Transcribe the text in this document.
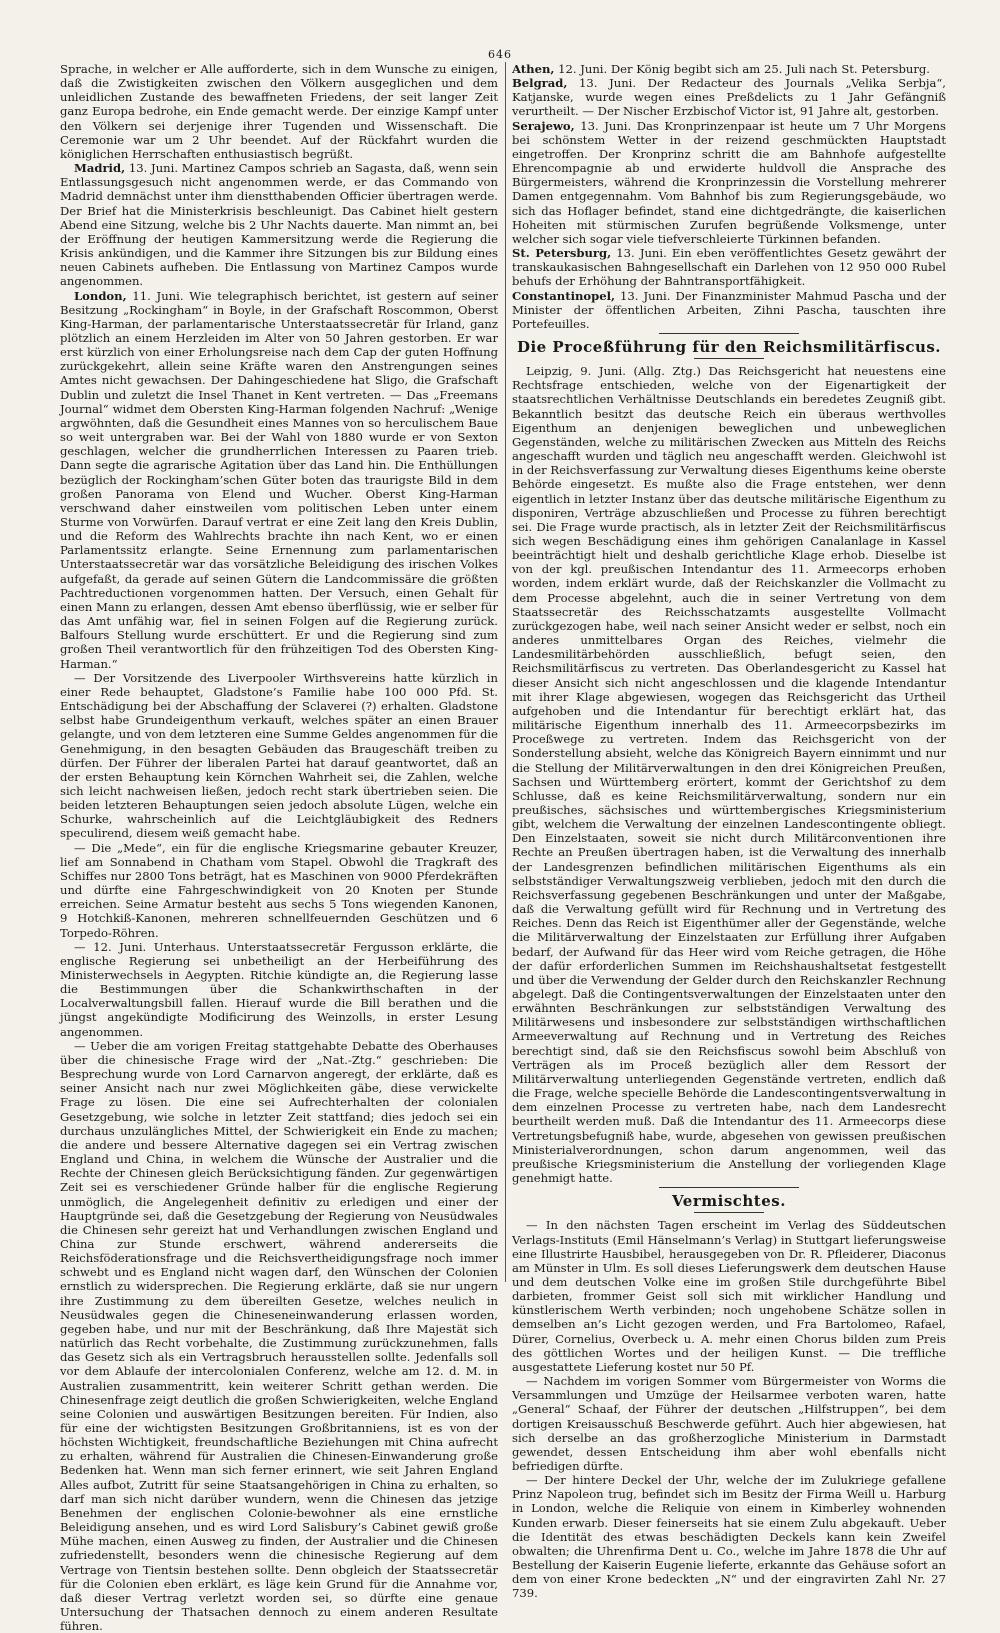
646

Sprache, in welcher er Alle aufforderte, sich in dem Wunsche zu einigen, daß die Zwistigkeiten zwischen den Völkern ausgeglichen und dem unleidlichen Zustande des bewaffneten Friedens, der seit langer Zeit ganz Europa bedrohe, ein Ende gemacht werde. Der einzige Kampf unter den Völkern sei derjenige ihrer Tugenden und Wissenschaft. Die Ceremonie war um 2 Uhr beendet. Auf der Rückfahrt wurden die königlichen Herrschaften enthusiastisch begrüßt.

Madrid, 13. Juni. Martinez Campos schrieb an Sagasta, daß, wenn sein Entlassungsgesuch nicht angenommen werde, er das Commando von Madrid demnächst unter ihm dienstthabenden Officier übertragen werde. Der Brief hat die Ministerkrisis beschleunigt. Das Cabinet hielt gestern Abend eine Sitzung, welche bis 2 Uhr Nachts dauerte. Man nimmt an, bei der Eröffnung der heutigen Kammersitzung werde die Regierung die Krisis ankündigen, und die Kammer ihre Sitzungen bis zur Bildung eines neuen Cabinets aufheben. Die Entlassung von Martinez Campos wurde angenommen.

London, 11. Juni. Wie telegraphisch berichtet, ist gestern auf seiner Besitzung „Rockingham“ in Boyle, in der Grafschaft Roscommon, Oberst King-Harman, der parlamentarische Unterstaatssecretär für Irland, ganz plötzlich an einem Herzleiden im Alter von 50 Jahren gestorben. Er war erst kürzlich von einer Erholungsreise nach dem Cap der guten Hoffnung zurückgekehrt, allein seine Kräfte waren den Anstrengungen seines Amtes nicht gewachsen. Der Dahingeschiedene hat Sligo, die Grafschaft Dublin und zuletzt die Insel Thanet in Kent vertreten. — Das „Freemans Journal“ widmet dem Obersten King-Harman folgenden Nachruf: „Wenige argwöhnten, daß die Gesundheit eines Mannes von so herculischem Baue so weit untergraben war. Bei der Wahl von 1880 wurde er von Sexton geschlagen, welcher die grundherrlichen Interessen zu Paaren trieb. Dann segte die agrarische Agitation über das Land hin. Die Enthüllungen bezüglich der Rockingham’schen Güter boten das traurigste Bild in dem großen Panorama von Elend und Wucher. Oberst King-Harman verschwand daher einstweilen vom politischen Leben unter einem Sturme von Vorwürfen. Darauf vertrat er eine Zeit lang den Kreis Dublin, und die Reform des Wahlrechts brachte ihn nach Kent, wo er einen Parlamentssitz erlangte. Seine Ernennung zum parlamentarischen Unterstaatssecretär war das vorsätzliche Beleidigung des irischen Volkes aufgefaßt, da gerade auf seinen Gütern die Landcommissäre die größten Pachtreductionen vorgenommen hatten. Der Versuch, einen Gehalt für einen Mann zu erlangen, dessen Amt ebenso überflüssig, wie er selber für das Amt unfähig war, fiel in seinen Folgen auf die Regierung zurück. Balfours Stellung wurde erschüttert. Er und die Regierung sind zum großen Theil verantwortlich für den frühzeitigen Tod des Obersten King-Harman.“

— Der Vorsitzende des Liverpooler Wirthsvereins hatte kürzlich in einer Rede behauptet, Gladstone’s Familie habe 100 000 Pfd. St. Entschädigung bei der Abschaffung der Sclaverei (?) erhalten. Gladstone selbst habe Grundeigenthum verkauft, welches später an einen Brauer gelangte, und von dem letzteren eine Summe Geldes angenommen für die Genehmigung, in den besagten Gebäuden das Braugeschäft treiben zu dürfen. Der Führer der liberalen Partei hat darauf geantwortet, daß an der ersten Behauptung kein Körnchen Wahrheit sei, die Zahlen, welche sich leicht nachweisen ließen, jedoch recht stark übertrieben seien. Die beiden letzteren Behauptungen seien jedoch absolute Lügen, welche ein Schurke, wahrscheinlich auf die Leichtgläubigkeit des Redners speculirend, diesem weiß gemacht habe.

— Die „Mede“, ein für die englische Kriegsmarine gebauter Kreuzer, lief am Sonnabend in Chatham vom Stapel. Obwohl die Tragkraft des Schiffes nur 2800 Tons beträgt, hat es Maschinen von 9000 Pferdekräften und dürfte eine Fahrgeschwindigkeit von 20 Knoten per Stunde erreichen. Seine Armatur besteht aus sechs 5 Tons wiegenden Kanonen, 9 Hotchkiß-Kanonen, mehreren schnellfeuernden Geschützen und 6 Torpedo-Röhren.

— 12. Juni. Unterhaus. Unterstaatssecretär Fergusson erklärte, die englische Regierung sei unbetheiligt an der Herbeiführung des Ministerwechsels in Aegypten. Ritchie kündigte an, die Regierung lasse die Bestimmungen über die Schankwirthschaften in der Localverwaltungsbill fallen. Hierauf wurde die Bill berathen und die jüngst angekündigte Modificirung des Weinzolls, in erster Lesung angenommen.

— Ueber die am vorigen Freitag stattgehabte Debatte des Oberhauses über die chinesische Frage wird der „Nat.-Ztg.“ geschrieben: Die Besprechung wurde von Lord Carnarvon angeregt, der erklärte, daß es seiner Ansicht nach nur zwei Möglichkeiten gäbe, diese verwickelte Frage zu lösen. Die eine sei Aufrechterhalten der colonialen Gesetzgebung, wie solche in letzter Zeit stattfand; dies jedoch sei ein durchaus unzulängliches Mittel, der Schwierigkeit ein Ende zu machen; die andere und bessere Alternative dagegen sei ein Vertrag zwischen England und China, in welchem die Wünsche der Australier und die Rechte der Chinesen gleich Berücksichtigung fänden. Zur gegenwärtigen Zeit sei es verschiedener Gründe halber für die englische Regierung unmöglich, die Angelegenheit definitiv zu erledigen und einer der Hauptgründe sei, daß die Gesetzgebung der Regierung von Neusüdwales die Chinesen sehr gereizt hat und Verhandlungen zwischen England und China zur Stunde erschwert, während andererseits die Reichsföderationsfrage und die Reichsvertheidigungsfrage noch immer schwebt und es England nicht wagen darf, den Wünschen der Colonien ernstlich zu widersprechen. Die Regierung erklärte, daß sie nur ungern ihre Zustimmung zu dem übereilten Gesetze, welches neulich in Neusüdwales gegen die Chineseneinwanderung erlassen worden, gegeben habe, und nur mit der Beschränkung, daß Ihre Majestät sich natürlich das Recht vorbehalte, die Zustimmung zurückzunehmen, falls das Gesetz sich als ein Vertragsbruch herausstellen sollte. Jedenfalls soll vor dem Ablaufe der intercolonialen Conferenz, welche am 12. d. M. in Australien zusammentritt, kein weiterer Schritt gethan werden. Die Chinesenfrage zeigt deutlich die großen Schwierigkeiten, welche England seine Colonien und auswärtigen Besitzungen bereiten. Für Indien, also für eine der wichtigsten Besitzungen Großbritanniens, ist es von der höchsten Wichtigkeit, freundschaftliche Beziehungen mit China aufrecht zu erhalten, während für Australien die Chinesen-Einwanderung große Bedenken hat. Wenn man sich ferner erinnert, wie seit Jahren England Alles aufbot, Zutritt für seine Staatsangehörigen in China zu erhalten, so darf man sich nicht darüber wundern, wenn die Chinesen das jetzige Benehmen der englischen Colonie-bewohner als eine ernstliche Beleidigung ansehen, und es wird Lord Salisbury’s Cabinet gewiß große Mühe machen, einen Ausweg zu finden, der Australier und die Chinesen zufriedenstellt, besonders wenn die chinesische Regierung auf dem Vertrage von Tientsin bestehen sollte. Denn obgleich der Staatssecretär für die Colonien eben erklärt, es läge kein Grund für die Annahme vor, daß dieser Vertrag verletzt worden sei, so dürfte eine genaue Untersuchung der Thatsachen dennoch zu einem anderen Resultate führen.

Athen, 12. Juni. Der König begibt sich am 25. Juli nach St. Petersburg.

Belgrad, 13. Juni. Der Redacteur des Journals „Velika Serbja“, Katjanske, wurde wegen eines Preßdelicts zu 1 Jahr Gefängniß verurtheilt. — Der Nischer Erzbischof Victor ist, 91 Jahre alt, gestorben.

Serajewo, 13. Juni. Das Kronprinzenpaar ist heute um 7 Uhr Morgens bei schönstem Wetter in der reizend geschmückten Hauptstadt eingetroffen. Der Kronprinz schritt die am Bahnhofe aufgestellte Ehrencompagnie ab und erwiderte huldvoll die Ansprache des Bürgermeisters, während die Kronprinzessin die Vorstellung mehrerer Damen entgegennahm. Vom Bahnhof bis zum Regierungsgebäude, wo sich das Hoflager befindet, stand eine dichtgedrängte, die kaiserlichen Hoheiten mit stürmischen Zurufen begrüßende Volksmenge, unter welcher sich sogar viele tiefverschleierte Türkinnen befanden.

St. Petersburg, 13. Juni. Ein eben veröffentlichtes Gesetz gewährt der transkaukasischen Bahngesellschaft ein Darlehen von 12 950 000 Rubel behufs der Erhöhung der Bahntransportfähigkeit.

Constantinopel, 13. Juni. Der Finanzminister Mahmud Pascha und der Minister der öffentlichen Arbeiten, Zihni Pascha, tauschten ihre Portefeuilles.

Die Proceßführung für den Reichsmilitärfiscus.

Leipzig, 9. Juni. (Allg. Ztg.) Das Reichsgericht hat neuestens eine Rechtsfrage entschieden, welche von der Eigenartigkeit der staatsrechtlichen Verhältnisse Deutschlands ein beredetes Zeugniß gibt. Bekanntlich besitzt das deutsche Reich ein überaus werthvolles Eigenthum an denjenigen beweglichen und unbeweglichen Gegenständen, welche zu militärischen Zwecken aus Mitteln des Reichs angeschafft wurden und täglich neu angeschafft werden. Gleichwohl ist in der Reichsverfassung zur Verwaltung dieses Eigenthums keine oberste Behörde eingesetzt. Es mußte also die Frage entstehen, wer denn eigentlich in letzter Instanz über das deutsche militärische Eigenthum zu disponiren, Verträge abzuschließen und Processe zu führen berechtigt sei. Die Frage wurde practisch, als in letzter Zeit der Reichsmilitärfiscus sich wegen Beschädigung eines ihm gehörigen Canalanlage in Kassel beeinträchtigt hielt und deshalb gerichtliche Klage erhob. Dieselbe ist von der kgl. preußischen Intendantur des 11. Armeecorps erhoben worden, indem erklärt wurde, daß der Reichskanzler die Vollmacht zu dem Processe abgelehnt, auch die in seiner Vertretung von dem Staatssecretär des Reichsschatzamts ausgestellte Vollmacht zurückgezogen habe, weil nach seiner Ansicht weder er selbst, noch ein anderes unmittelbares Organ des Reiches, vielmehr die Landesmilitärbehörden ausschließlich, befugt seien, den Reichsmilitärfiscus zu vertreten. Das Oberlandesgericht zu Kassel hat dieser Ansicht sich nicht angeschlossen und die klagende Intendantur mit ihrer Klage abgewiesen, wogegen das Reichsgericht das Urtheil aufgehoben und die Intendantur für berechtigt erklärt hat, das militärische Eigenthum innerhalb des 11. Armeecorpsbezirks im Proceßwege zu vertreten. Indem das Reichsgericht von der Sonderstellung absieht, welche das Königreich Bayern einnimmt und nur die Stellung der Militärverwaltungen in den drei Königreichen Preußen, Sachsen und Württemberg erörtert, kommt der Gerichtshof zu dem Schlusse, daß es keine Reichsmilitärverwaltung, sondern nur ein preußisches, sächsisches und württembergisches Kriegsministerium gibt, welchem die Verwaltung der einzelnen Landescontingente obliegt. Den Einzelstaaten, soweit sie nicht durch Militärconventionen ihre Rechte an Preußen übertragen haben, ist die Verwaltung des innerhalb der Landesgrenzen befindlichen militärischen Eigenthums als ein selbstständiger Verwaltungszweig verblieben, jedoch mit den durch die Reichsverfassung gegebenen Beschränkungen und unter der Maßgabe, daß die Verwaltung gefüllt wird für Rechnung und in Vertretung des Reiches. Denn das Reich ist Eigenthümer aller der Gegenstände, welche die Militärverwaltung der Einzelstaaten zur Erfüllung ihrer Aufgaben bedarf, der Aufwand für das Heer wird vom Reiche getragen, die Höhe der dafür erforderlichen Summen im Reichshaushaltsetat festgestellt und über die Verwendung der Gelder durch den Reichskanzler Rechnung abgelegt. Daß die Contingentsverwaltungen der Einzelstaaten unter den erwähnten Beschränkungen zur selbstständigen Verwaltung des Militärwesens und insbesondere zur selbstständigen wirthschaftlichen Armeeverwaltung auf Rechnung und in Vertretung des Reiches berechtigt sind, daß sie den Reichsfiscus sowohl beim Abschluß von Verträgen als im Proceß bezüglich aller dem Ressort der Militärverwaltung unterliegenden Gegenstände vertreten, endlich daß die Frage, welche specielle Behörde die Landescontingentsverwaltung in dem einzelnen Processe zu vertreten habe, nach dem Landesrecht beurtheilt werden muß. Daß die Intendantur des 11. Armeecorps diese Vertretungsbefugniß habe, wurde, abgesehen von gewissen preußischen Ministerialverordnungen, schon darum angenommen, weil das preußische Kriegsministerium die Anstellung der vorliegenden Klage genehmigt hatte.

Vermischtes.

— In den nächsten Tagen erscheint im Verlag des Süddeutschen Verlags-Instituts (Emil Hänselmann’s Verlag) in Stuttgart lieferungsweise eine Illustrirte Hausbibel, herausgegeben von Dr. R. Pfleiderer, Diaconus am Münster in Ulm. Es soll dieses Lieferungswerk dem deutschen Hause und dem deutschen Volke eine im großen Stile durchgeführte Bibel darbieten, frommer Geist soll sich mit wirklicher Handlung und künstlerischem Werth verbinden; noch ungehobene Schätze sollen in demselben an’s Licht gezogen werden, und Fra Bartolomeo, Rafael, Dürer, Cornelius, Overbeck u. A. mehr einen Chorus bilden zum Preis des göttlichen Wortes und der heiligen Kunst. — Die treffliche ausgestattete Lieferung kostet nur 50 Pf.

— Nachdem im vorigen Sommer vom Bürgermeister von Worms die Versammlungen und Umzüge der Heilsarmee verboten waren, hatte „General“ Schaaf, der Führer der deutschen „Hilfstruppen“, bei dem dortigen Kreisausschuß Beschwerde geführt. Auch hier abgewiesen, hat sich derselbe an das großherzogliche Ministerium in Darmstadt gewendet, dessen Entscheidung ihm aber wohl ebenfalls nicht befriedigen dürfte.

— Der hintere Deckel der Uhr, welche der im Zulukriege gefallene Prinz Napoleon trug, befindet sich im Besitz der Firma Weill u. Harburg in London, welche die Reliquie von einem in Kimberley wohnenden Kunden erwarb. Dieser feinerseits hat sie einem Zulu abgekauft. Ueber die Identität des etwas beschädigten Deckels kann kein Zweifel obwalten; die Uhrenfirma Dent u. Co., welche im Jahre 1878 die Uhr auf Bestellung der Kaiserin Eugenie lieferte, erkannte das Gehäuse sofort an dem von einer Krone bedeckten „N“ und der eingravirten Zahl Nr. 27 739.
